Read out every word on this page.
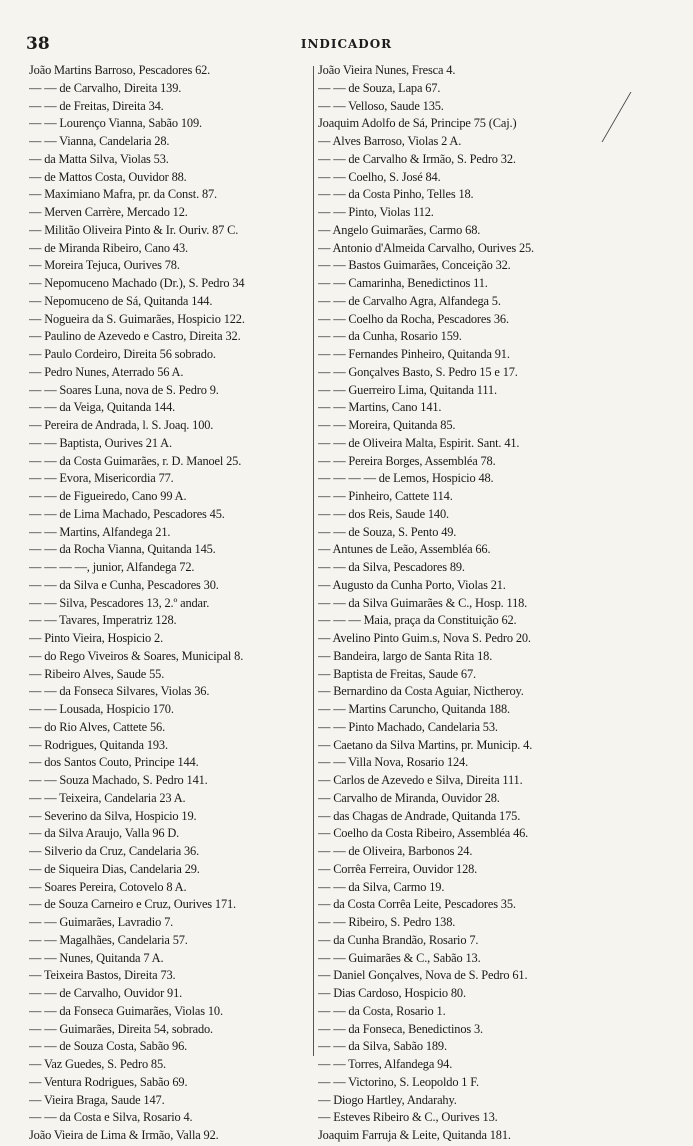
38	INDICADOR
João Martins Barroso, Pescadores 62.
— — de Carvalho, Direita 139.
— — de Freitas, Direita 34.
— — Lourenço Vianna, Sabão 109.
— — Vianna, Candelaria 28.
— da Matta Silva, Violas 53.
— de Mattos Costa, Ouvidor 88.
— Maximiano Mafra, pr. da Const. 87.
— Merven Carrère, Mercado 12.
— Militão Oliveira Pinto & Ir. Ouriv. 87 C.
— de Miranda Ribeiro, Cano 43.
— Moreira Tejuca, Ourives 78.
— Nepomuceno Machado (Dr.), S. Pedro 34
— Nepomuceno de Sá, Quitanda 144.
— Nogueira da S. Guimarães, Hospicio 122.
— Paulino de Azevedo e Castro, Direita 32.
— Paulo Cordeiro, Direita 56 sobrado.
— Pedro Nunes, Aterrado 56 A.
— — Soares Luna, nova de S. Pedro 9.
— — da Veiga, Quitanda 144.
— Pereira de Andrada, l. S. Joaq. 100.
— — Baptista, Ourives 21 A.
— — da Costa Guimarães, r. D. Manoel 25.
— — Evora, Misericordia 77.
— — de Figueiredo, Cano 99 A.
— — de Lima Machado, Pescadores 45.
— — Martins, Alfandega 21.
— — da Rocha Vianna, Quitanda 145.
— — — —, junior, Alfandega 72.
— — da Silva e Cunha, Pescadores 30.
— — Silva, Pescadores 13, 2.º andar.
— — Tavares, Imperatriz 128.
— Pinto Vieira, Hospicio 2.
— do Rego Viveiros & Soares, Municipal 8.
— Ribeiro Alves, Saude 55.
— — da Fonseca Silvares, Violas 36.
— — Lousada, Hospicio 170.
— do Rio Alves, Cattete 56.
— Rodrigues, Quitanda 193.
— dos Santos Couto, Principe 144.
— — Souza Machado, S. Pedro 141.
— — Teixeira, Candelaria 23 A.
— Severino da Silva, Hospicio 19.
— da Silva Araujo, Valla 96 D.
— Silverio da Cruz, Candelaria 36.
— de Siqueira Dias, Candelaria 29.
— Soares Pereira, Cotovelo 8 A.
— de Souza Carneiro e Cruz, Ourives 171.
— — Guimarães, Lavradio 7.
— — Magalhães, Candelaria 57.
— — Nunes, Quitanda 7 A.
— Teixeira Bastos, Direita 73.
— — de Carvalho, Ouvidor 91.
— — da Fonseca Guimarães, Violas 10.
— — Guimarães, Direita 54, sobrado.
— — de Souza Costa, Sabão 96.
— Vaz Guedes, S. Pedro 85.
— Ventura Rodrigues, Sabão 69.
— Vieira Braga, Saude 147.
— — da Costa e Silva, Rosario 4.
João Vieira de Lima & Irmão, Valla 92.
João Vieira Nunes, Fresca 4.
— — de Souza, Lapa 67.
— — Velloso, Saude 135.
Joaquim Adolfo de Sá, Principe 75 (Caj.)
— Alves Barroso, Violas 2 A.
— — de Carvalho & Irmão, S. Pedro 32.
— — Coelho, S. José 84.
— — da Costa Pinho, Telles 18.
— — Pinto, Violas 112.
— Angelo Guimarães, Carmo 68.
— Antonio d'Almeida Carvalho, Ourives 25.
— — Bastos Guimarães, Conceição 32.
— — Camarinha, Benedictinos 11.
— — de Carvalho Agra, Alfandega 5.
— — Coelho da Rocha, Pescadores 36.
— — da Cunha, Rosario 159.
— — Fernandes Pinheiro, Quitanda 91.
— — Gonçalves Basto, S. Pedro 15 e 17.
— — Guerreiro Lima, Quitanda 111.
— — Martins, Cano 141.
— — Moreira, Quitanda 85.
— — de Oliveira Malta, Espirit. Sant. 41.
— — Pereira Borges, Assembléa 78.
— — — — de Lemos, Hospicio 48.
— — Pinheiro, Cattete 114.
— — dos Reis, Saude 140.
— — de Souza, S. Pento 49.
— Antunes de Leão, Assembléa 66.
— — da Silva, Pescadores 89.
— Augusto da Cunha Porto, Violas 21.
— — da Silva Guimarães & C., Hosp. 118.
— — — Maia, praça da Constituição 62.
— Avelino Pinto Guim.s, Nova S. Pedro 20.
— Bandeira, largo de Santa Rita 18.
— Baptista de Freitas, Saude 67.
— Bernardino da Costa Aguiar, Nictheroy.
— — Martins Caruncho, Quitanda 188.
— — Pinto Machado, Candelaria 53.
— Caetano da Silva Martins, pr. Municip. 4.
— — Villa Nova, Rosario 124.
— Carlos de Azevedo e Silva, Direita 111.
— Carvalho de Miranda, Ouvidor 28.
— das Chagas de Andrade, Quitanda 175.
— Coelho da Costa Ribeiro, Assembléa 46.
— — de Oliveira, Barbonos 24.
— Corrêa Ferreira, Ouvidor 128.
— — da Silva, Carmo 19.
— da Costa Corrêa Leite, Pescadores 35.
— — Ribeiro, S. Pedro 138.
— da Cunha Brandão, Rosario 7.
— — Guimarães & C., Sabão 13.
— Daniel Gonçalves, Nova de S. Pedro 61.
— Dias Cardoso, Hospicio 80.
— — da Costa, Rosario 1.
— — da Fonseca, Benedictinos 3.
— — da Silva, Sabão 189.
— — Torres, Alfandega 94.
— — Victorino, S. Leopoldo 1 F.
— Diogo Hartley, Andarahy.
— Esteves Ribeiro & C., Ourives 13.
Joaquim Farruja & Leite, Quitanda 181.
